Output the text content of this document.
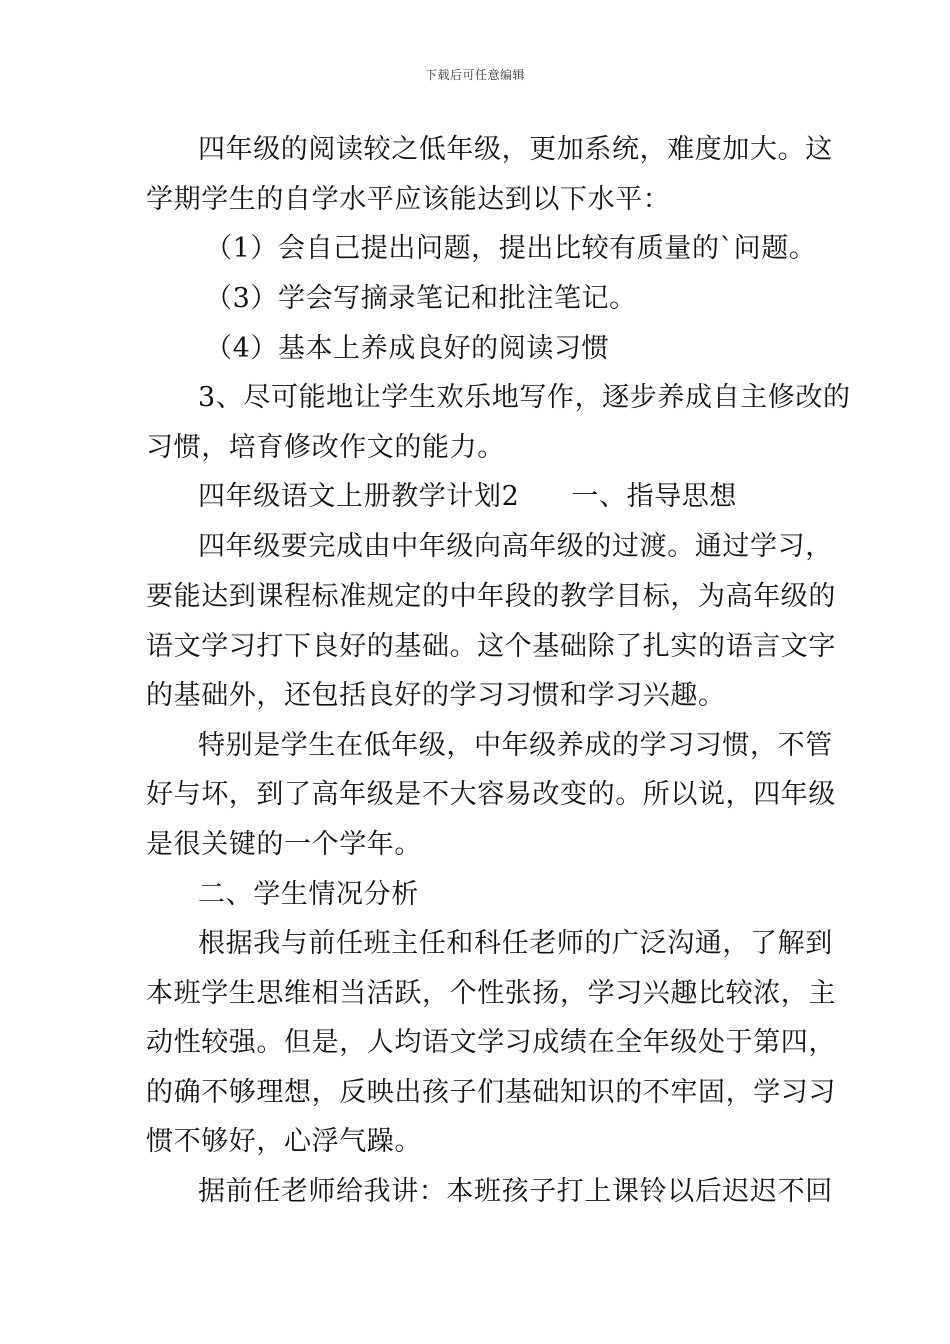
下载后可任意编辑
四年级的阅读较之低年级，更加系统，难度加大。这
学期学生的自学水平应该能达到以下水平：
（1）会自己提出问题，提出比较有质量的`问题。
（3）学会写摘录笔记和批注笔记。
（4）基本上养成良好的阅读习惯
3、尽可能地让学生欢乐地写作，逐步养成自主修改的
习惯，培育修改作文的能力。
四年级语文上册教学计划2 一、指导思想
四年级要完成由中年级向高年级的过渡。通过学习，
要能达到课程标准规定的中年段的教学目标，为高年级的
语文学习打下良好的基础。这个基础除了扎实的语言文字
的基础外，还包括良好的学习习惯和学习兴趣。
特别是学生在低年级，中年级养成的学习习惯，不管
好与坏，到了高年级是不大容易改变的。所以说，四年级
是很关键的一个学年。
二、学生情况分析
根据我与前任班主任和科任老师的广泛沟通，了解到
本班学生思维相当活跃，个性张扬，学习兴趣比较浓，主
动性较强。但是，人均语文学习成绩在全年级处于第四，
的确不够理想，反映出孩子们基础知识的不牢固，学习习
惯不够好，心浮气躁。
据前任老师给我讲：本班孩子打上课铃以后迟迟不回
